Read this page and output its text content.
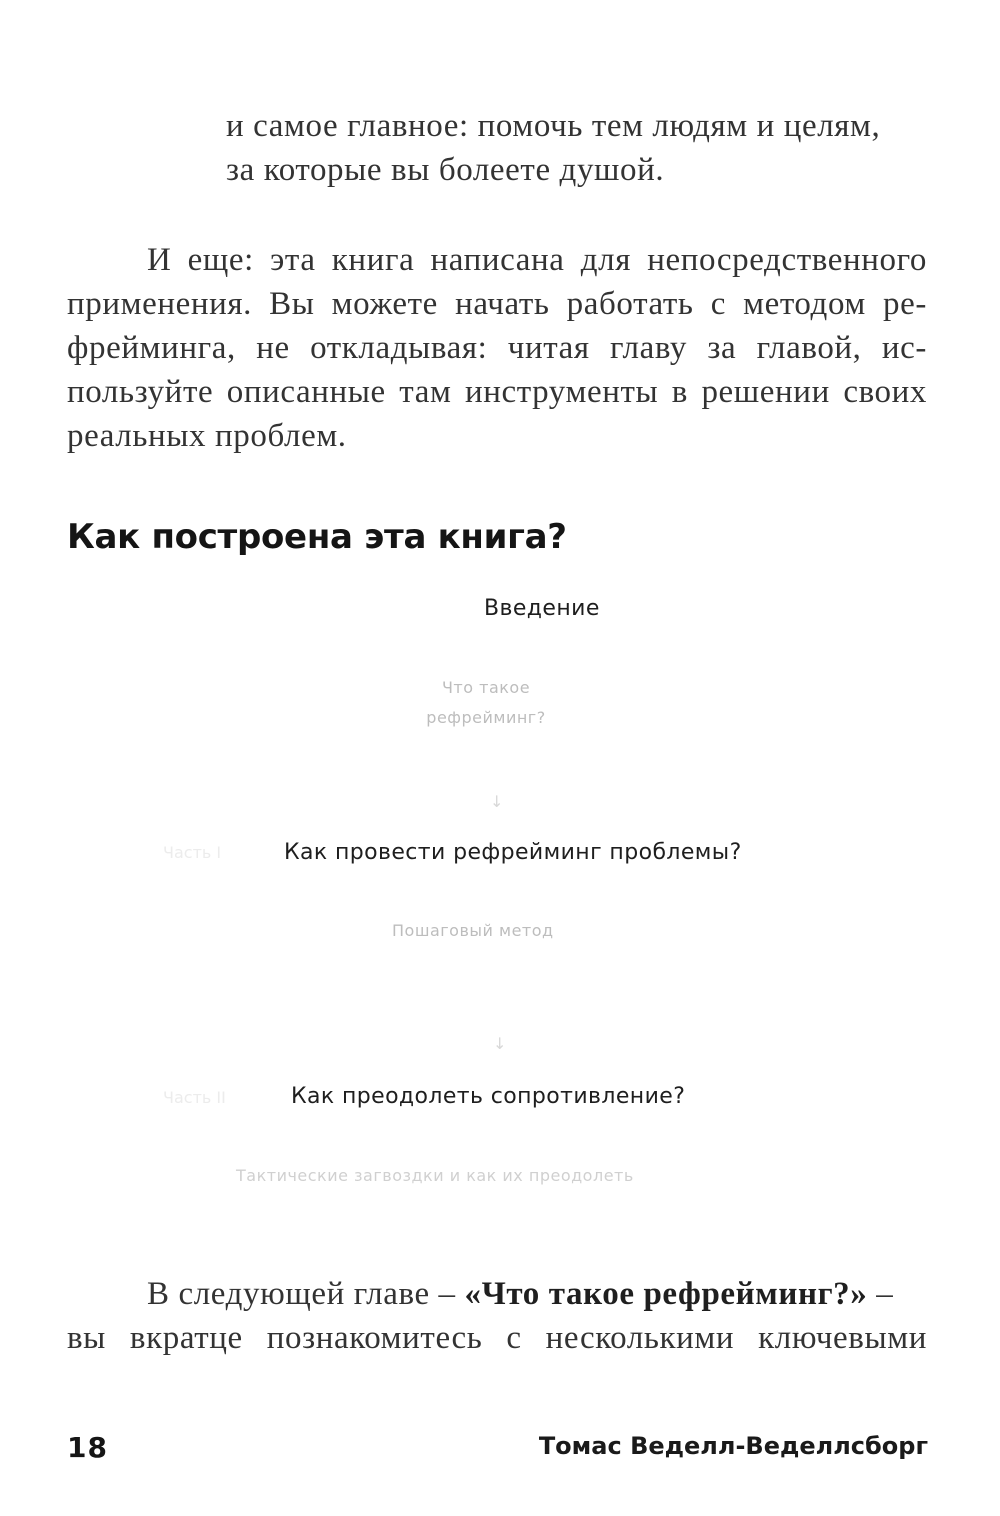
и самое главное: помочь тем людям и целям,
за которые вы болеете душой.
И еще: эта книга написана для непосредственного
применения. Вы можете начать работать с методом ре-
фрейминга, не откладывая: читая главу за главой, ис-
пользуйте описанные там инструменты в решении своих
реальных проблем.
Как построена эта книга?
Введение
Что такое рефрейминг?
↓
Часть I	Как провести рефрейминг проблемы?
Пошаговый метод
↓
Часть II	Как преодолеть сопротивление?
Тактические загвоздки и как их преодолеть
В следующей главе – «Что такое рефрейминг?» –
вы вкратце познакомитесь с несколькими ключевыми
18	Томас Веделл-Веделлсборг
